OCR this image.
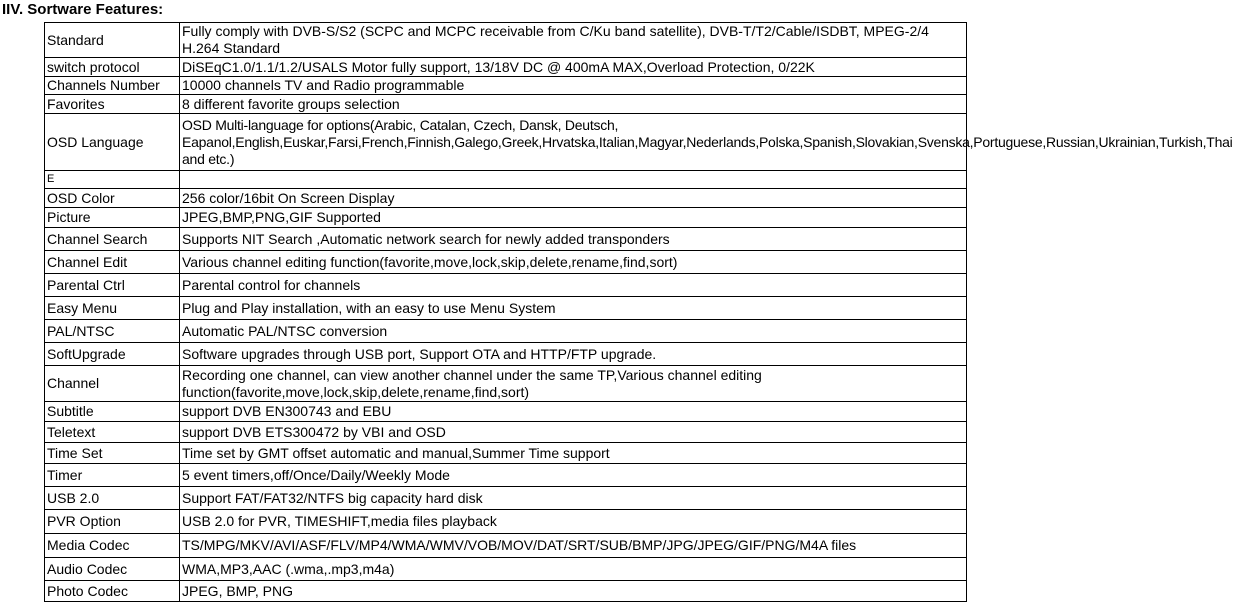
IIV. Sortware Features:
Standard	Fully comply with DVB-S/S2 (SCPC and MCPC receivable from C/Ku band satellite), DVB-T/T2/Cable/ISDBT, MPEG-2/4 H.264 Standard
switch protocol	DiSEqC1.0/1.1/1.2/USALS Motor fully support, 13/18V DC @ 400mA MAX,Overload Protection, 0/22K
Channels Number	10000 channels TV and Radio programmable
Favorites	8 different favorite groups selection
OSD Language	OSD Multi-language for options(Arabic, Catalan, Czech, Dansk, Deutsch, Eapanol,English,Euskar,Farsi,French,Finnish,Galego,Greek,Hrvatska,Italian,Magyar,Nederlands,Polska,Spanish,Slovakian,Svenska,Portuguese,Russian,Ukrainian,Turkish,Thai and etc.)
E	
OSD Color	256 color/16bit On Screen Display
Picture	JPEG,BMP,PNG,GIF Supported
Channel Search	Supports NIT Search ,Automatic network search for newly added transponders
Channel Edit	Various channel editing function(favorite,move,lock,skip,delete,rename,find,sort)
Parental Ctrl	Parental control for channels
Easy Menu	Plug and Play installation, with an easy to use Menu System
PAL/NTSC	Automatic PAL/NTSC conversion
SoftUpgrade	Software upgrades through USB port, Support OTA and HTTP/FTP upgrade.
Channel	Recording one channel, can view another channel under the same TP,Various channel editing function(favorite,move,lock,skip,delete,rename,find,sort)
Subtitle	support DVB EN300743 and EBU
Teletext	support DVB ETS300472 by VBI and OSD
Time Set	Time set by GMT offset automatic and manual,Summer Time support
Timer	5 event timers,off/Once/Daily/Weekly Mode
USB 2.0	Support FAT/FAT32/NTFS big capacity hard disk
PVR Option	USB 2.0 for PVR, TIMESHIFT,media files playback
Media Codec	TS/MPG/MKV/AVI/ASF/FLV/MP4/WMA/WMV/VOB/MOV/DAT/SRT/SUB/BMP/JPG/JPEG/GIF/PNG/M4A files
Audio Codec	WMA,MP3,AAC (.wma,.mp3,m4a)
Photo Codec	JPEG, BMP, PNG
